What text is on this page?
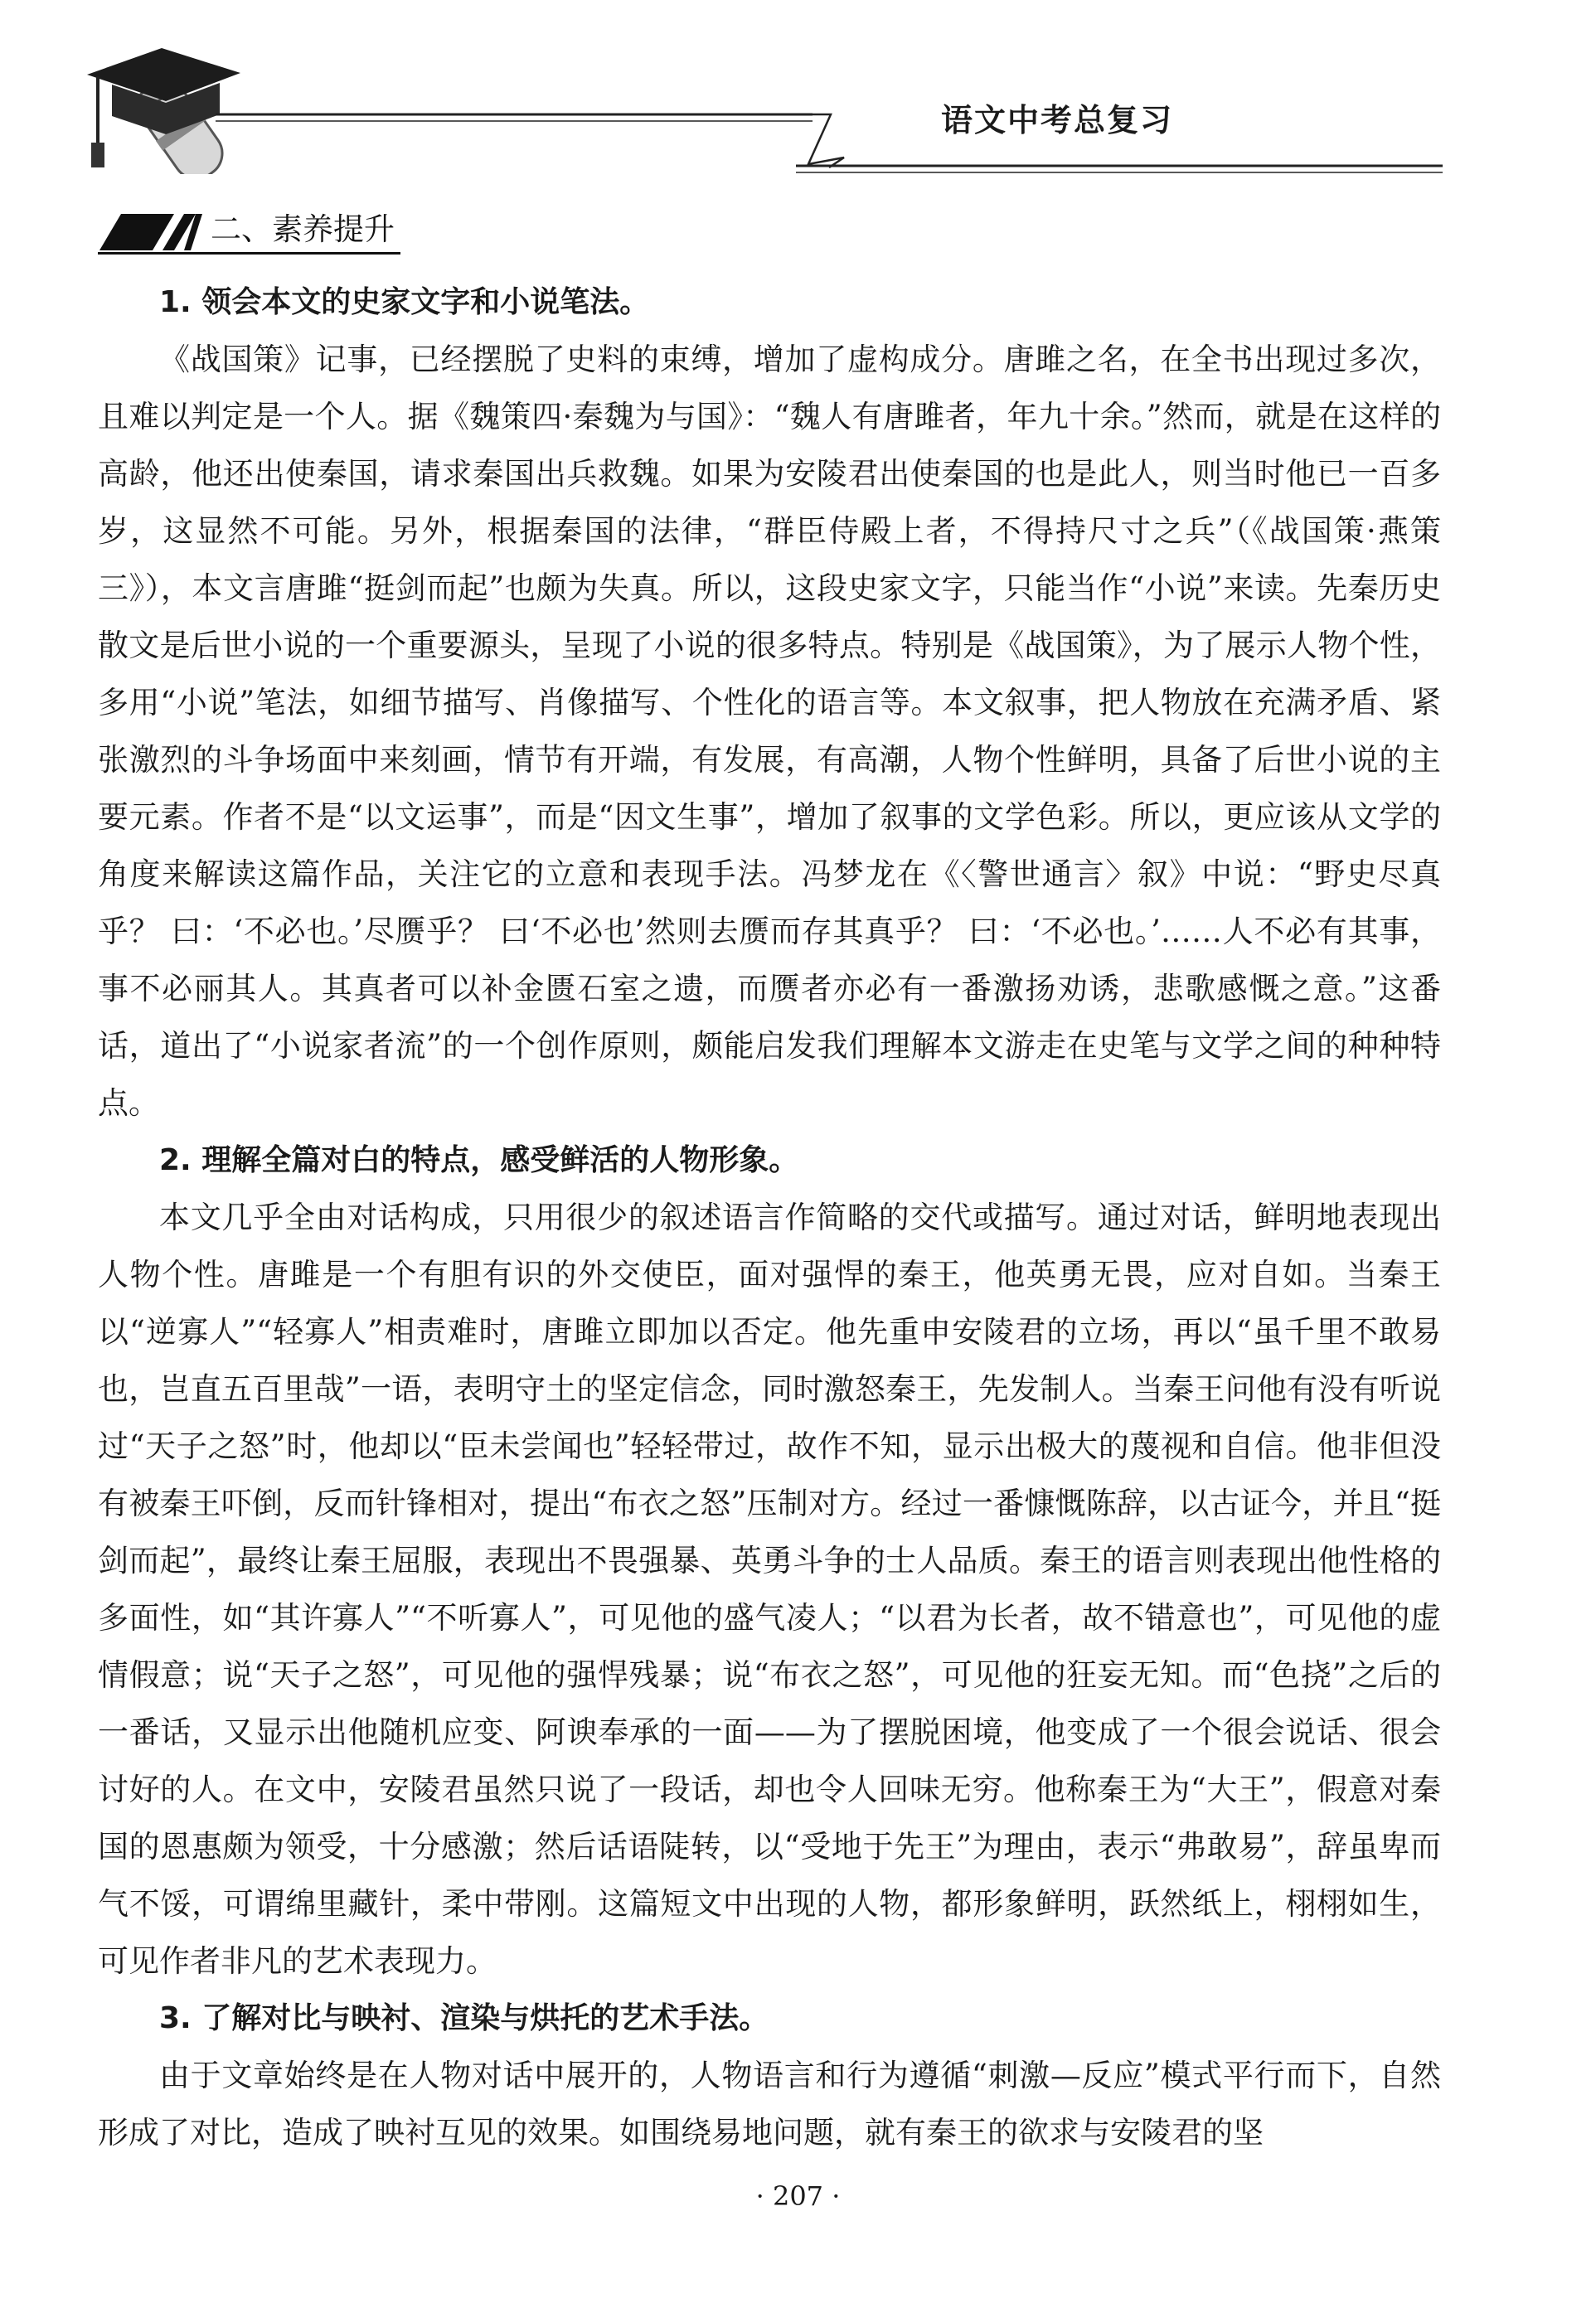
语文中考总复习
二、素养提升
1. 领会本文的史家文字和小说笔法。

《战国策》记事，已经摆脱了史料的束缚，增加了虚构成分。唐雎之名，在全书出现过多次，且难以判定是一个人。据《魏策四·秦魏为与国》：“魏人有唐雎者，年九十余。”然而，就是在这样的高龄，他还出使秦国，请求秦国出兵救魏。如果为安陵君出使秦国的也是此人，则当时他已一百多岁，这显然不可能。另外，根据秦国的法律，“群臣侍殿上者，不得持尺寸之兵”（《战国策·燕策三》），本文言唐雎“挺剑而起”也颇为失真。所以，这段史家文字，只能当作“小说”来读。先秦历史散文是后世小说的一个重要源头，呈现了小说的很多特点。特别是《战国策》，为了展示人物个性，多用“小说”笔法，如细节描写、肖像描写、个性化的语言等。本文叙事，把人物放在充满矛盾、紧张激烈的斗争场面中来刻画，情节有开端，有发展，有高潮，人物个性鲜明，具备了后世小说的主要元素。作者不是“以文运事”，而是“因文生事”，增加了叙事的文学色彩。所以，更应该从文学的角度来解读这篇作品，关注它的立意和表现手法。冯梦龙在《〈警世通言〉叙》中说：“野史尽真乎？ 曰：‘不必也。’尽赝乎？ 曰‘不必也’然则去赝而存其真乎？ 曰：‘不必也。’……人不必有其事，事不必丽其人。其真者可以补金匮石室之遗，而赝者亦必有一番激扬劝诱，悲歌感慨之意。”这番话，道出了“小说家者流”的一个创作原则，颇能启发我们理解本文游走在史笔与文学之间的种种特点。

2. 理解全篇对白的特点，感受鲜活的人物形象。

本文几乎全由对话构成，只用很少的叙述语言作简略的交代或描写。通过对话，鲜明地表现出人物个性。唐雎是一个有胆有识的外交使臣，面对强悍的秦王，他英勇无畏，应对自如。当秦王以“逆寡人”“轻寡人”相责难时，唐雎立即加以否定。他先重申安陵君的立场，再以“虽千里不敢易也，岂直五百里哉”一语，表明守土的坚定信念，同时激怒秦王，先发制人。当秦王问他有没有听说过“天子之怒”时，他却以“臣未尝闻也”轻轻带过，故作不知，显示出极大的蔑视和自信。他非但没有被秦王吓倒，反而针锋相对，提出“布衣之怒”压制对方。经过一番慷慨陈辞，以古证今，并且“挺剑而起”，最终让秦王屈服，表现出不畏强暴、英勇斗争的士人品质。秦王的语言则表现出他性格的多面性，如“其许寡人”“不听寡人”，可见他的盛气凌人；“以君为长者，故不错意也”，可见他的虚情假意；说“天子之怒”，可见他的强悍残暴；说“布衣之怒”，可见他的狂妄无知。而“色挠”之后的一番话，又显示出他随机应变、阿谀奉承的一面——为了摆脱困境，他变成了一个很会说话、很会讨好的人。在文中，安陵君虽然只说了一段话，却也令人回味无穷。他称秦王为“大王”，假意对秦国的恩惠颇为领受，十分感激；然后话语陡转，以“受地于先王”为理由，表示“弗敢易”，辞虽卑而气不馁，可谓绵里藏针，柔中带刚。这篇短文中出现的人物，都形象鲜明，跃然纸上，栩栩如生，可见作者非凡的艺术表现力。

3. 了解对比与映衬、渲染与烘托的艺术手法。

由于文章始终是在人物对话中展开的，人物语言和行为遵循“刺激—反应”模式平行而下，自然形成了对比，造成了映衬互见的效果。如围绕易地问题，就有秦王的欲求与安陵君的坚

· 207 ·
